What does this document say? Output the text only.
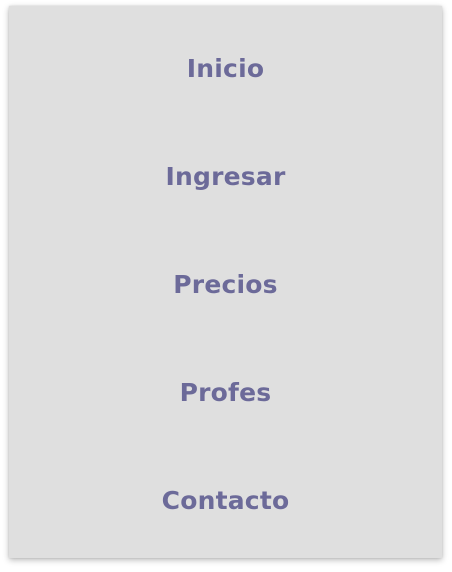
Inicio
Ingresar
Precios
Profes
Contacto
